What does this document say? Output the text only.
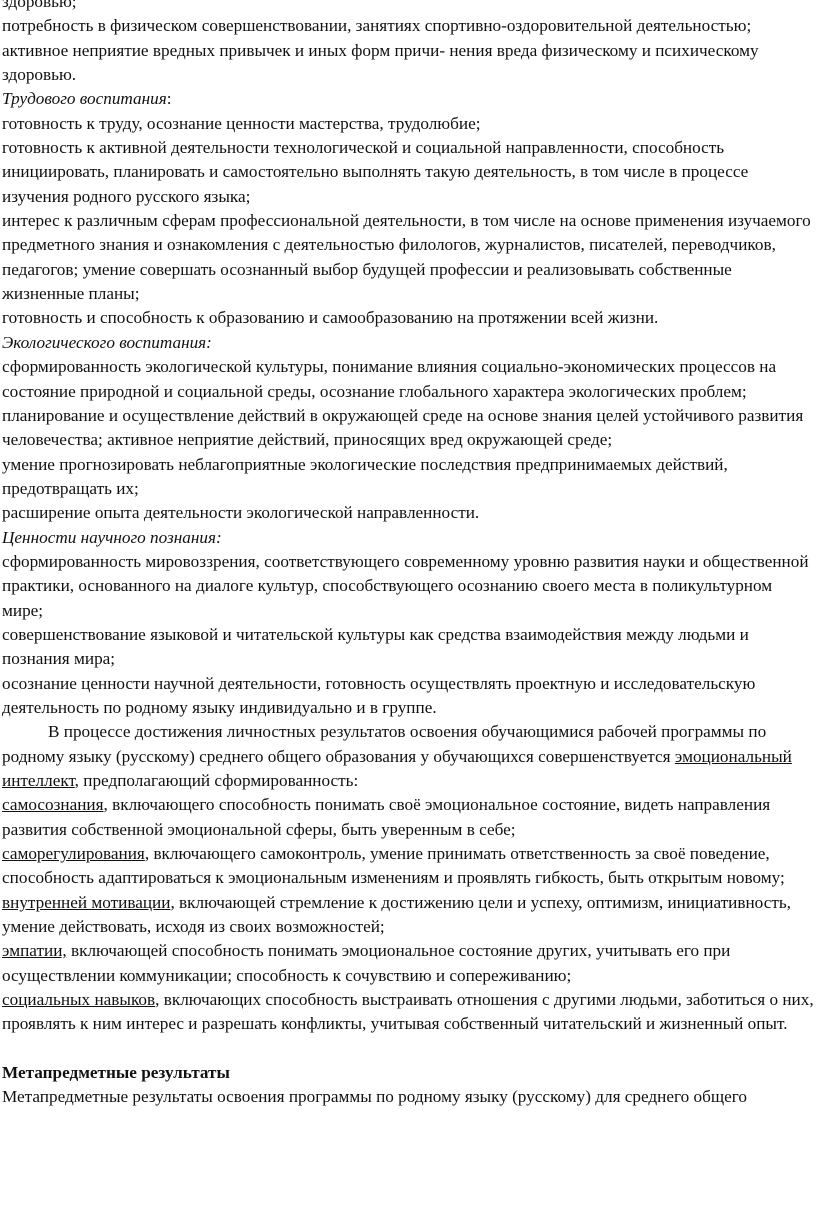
здоровью;

потребность в физическом совершенствовании, занятиях спортивно-оздоровительной деятельностью;

активное неприятие вредных привычек и иных форм причи- нения вреда физическому и психическому здоровью.

Трудового воспитания:

готовность к труду, осознание ценности мастерства, трудолюбие;

готовность к активной деятельности технологической и социальной направленности, способность инициировать, планировать и самостоятельно выполнять такую деятельность, в том числе в процессе изучения родного русского языка;

интерес к различным сферам профессиональной деятельности, в том числе на основе применения изучаемого предметного знания и ознакомления с деятельностью филологов, журналистов, писателей, переводчиков, педагогов; умение совершать осознанный выбор будущей профессии и реализовывать собственные жизненные планы;

готовность и способность к образованию и самообразованию на протяжении всей жизни.

Экологического воспитания:

сформированность экологической культуры, понимание влияния социально-экономических процессов на состояние природной и социальной среды, осознание глобального характера экологических проблем;

планирование и осуществление действий в окружающей среде на основе знания целей устойчивого развития человечества; активное неприятие действий, приносящих вред окружающей среде;

умение прогнозировать неблагоприятные экологические последствия предпринимаемых действий, предотвращать их;

расширение опыта деятельности экологической направленности.

Ценности научного познания:

сформированность мировоззрения, соответствующего современному уровню развития науки и общественной практики, основанного на диалоге культур, способствующего осознанию своего места в поликультурном мире;

совершенствование языковой и читательской культуры как средства взаимодействия между людьми и познания мира;

осознание ценности научной деятельности, готовность осуществлять проектную и исследовательскую деятельность по родному языку индивидуально и в группе.

В процессе достижения личностных результатов освоения обучающимися рабочей программы по родному языку (русскому) среднего общего образования у обучающихся совершенствуется эмоциональный интеллект, предполагающий сформированность:

самосознания, включающего способность понимать своё эмоциональное состояние, видеть направления развития собственной эмоциональной сферы, быть уверенным в себе;

саморегулирования, включающего самоконтроль, умение принимать ответственность за своё поведение, способность адаптироваться к эмоциональным изменениям и проявлять гибкость, быть открытым новому;

внутренней мотивации, включающей стремление к достижению цели и успеху, оптимизм, инициативность, умение действовать, исходя из своих возможностей;

эмпатии, включающей способность понимать эмоциональное состояние других, учитывать его при осуществлении коммуникации; способность к сочувствию и сопереживанию;

социальных навыков, включающих способность выстраивать отношения с другими людьми, заботиться о них, проявлять к ним интерес и разрешать конфликты, учитывая собственный читательский и жизненный опыт.

Метапредметные результаты

Метапредметные результаты освоения программы по родному языку (русскому) для среднего общего
